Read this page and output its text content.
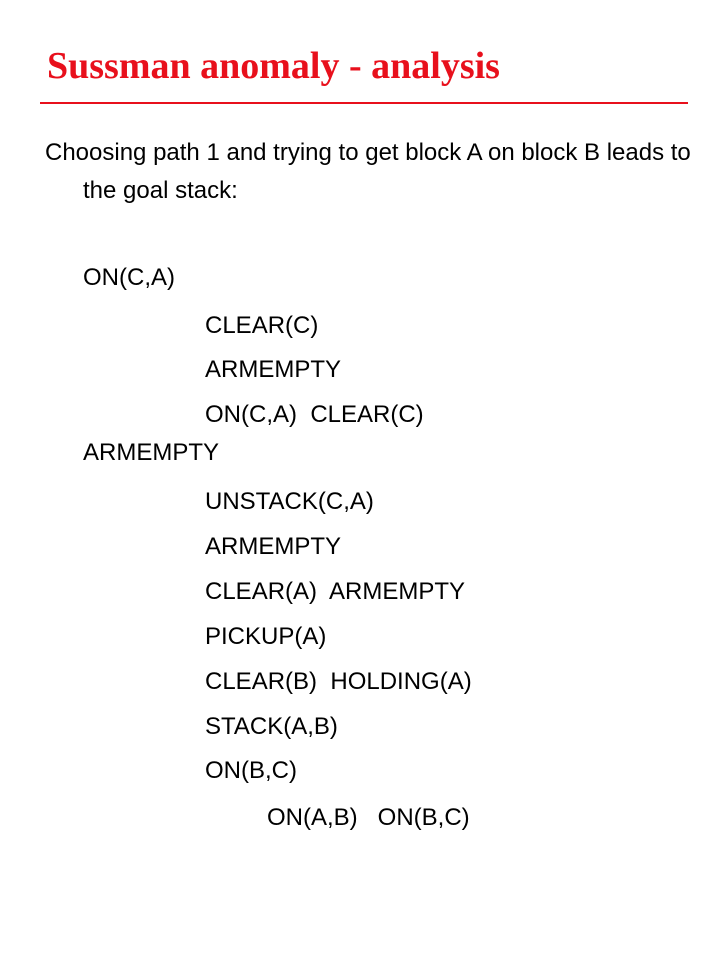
Sussman anomaly - analysis

Choosing path 1 and trying to get block A on block B leads to the goal stack:

ON(C,A)
CLEAR(C)
ARMEMPTY
ON(C,A)  CLEAR(C)
ARMEMPTY
UNSTACK(C,A)
ARMEMPTY
CLEAR(A)  ARMEMPTY
PICKUP(A)
CLEAR(B)  HOLDING(A)
STACK(A,B)
ON(B,C)
ON(A,B)   ON(B,C)
